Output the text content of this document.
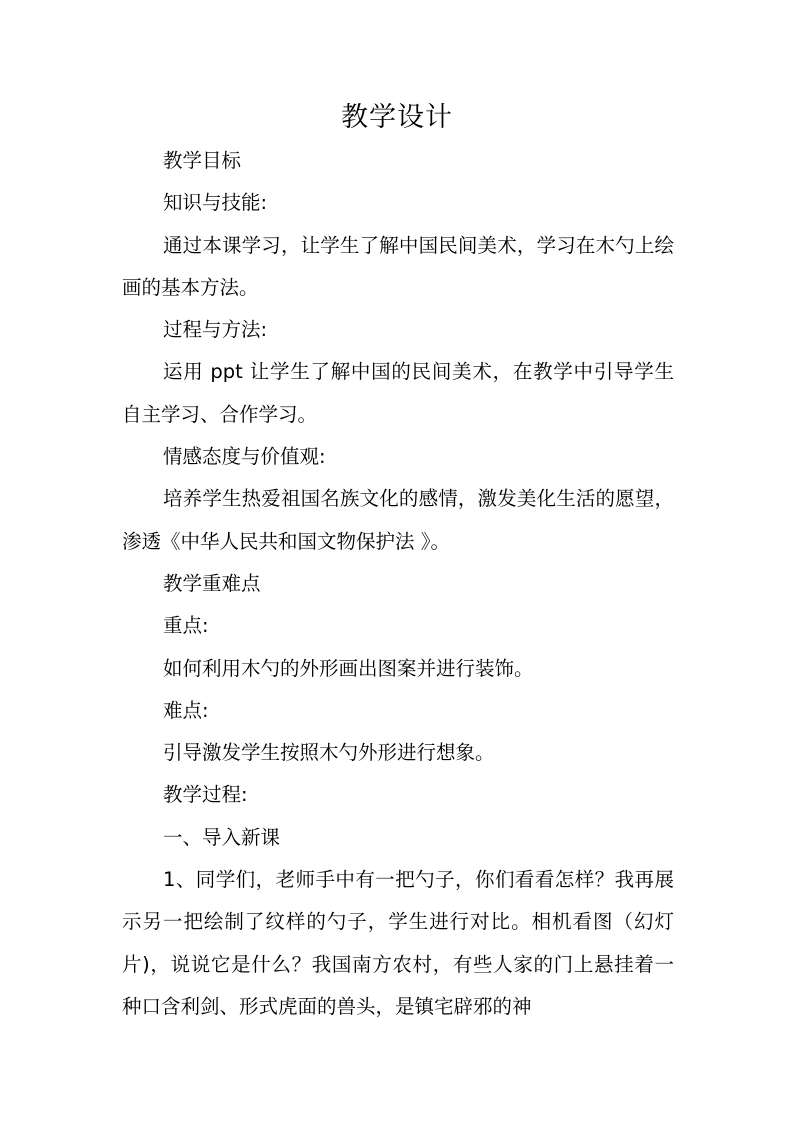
教学设计

教学目标

知识与技能:

通过本课学习，让学生了解中国民间美术，学习在木勺上绘画的基本方法。

过程与方法:

运用 ppt 让学生了解中国的民间美术，在教学中引导学生自主学习、合作学习。

情感态度与价值观:

培养学生热爱祖国名族文化的感情，激发美化生活的愿望，渗透《中华人民共和国文物保护法 》。

教学重难点

重点:

如何利用木勺的外形画出图案并进行装饰。

难点:

引导激发学生按照木勺外形进行想象。

教学过程:

一、导入新课

1、同学们，老师手中有一把勺子，你们看看怎样？我再展示另一把绘制了纹样的勺子，学生进行对比。相机看图（幻灯片)，说说它是什么？我国南方农村，有些人家的门上悬挂着一种口含利剑、形式虎面的兽头，是镇宅辟邪的神
